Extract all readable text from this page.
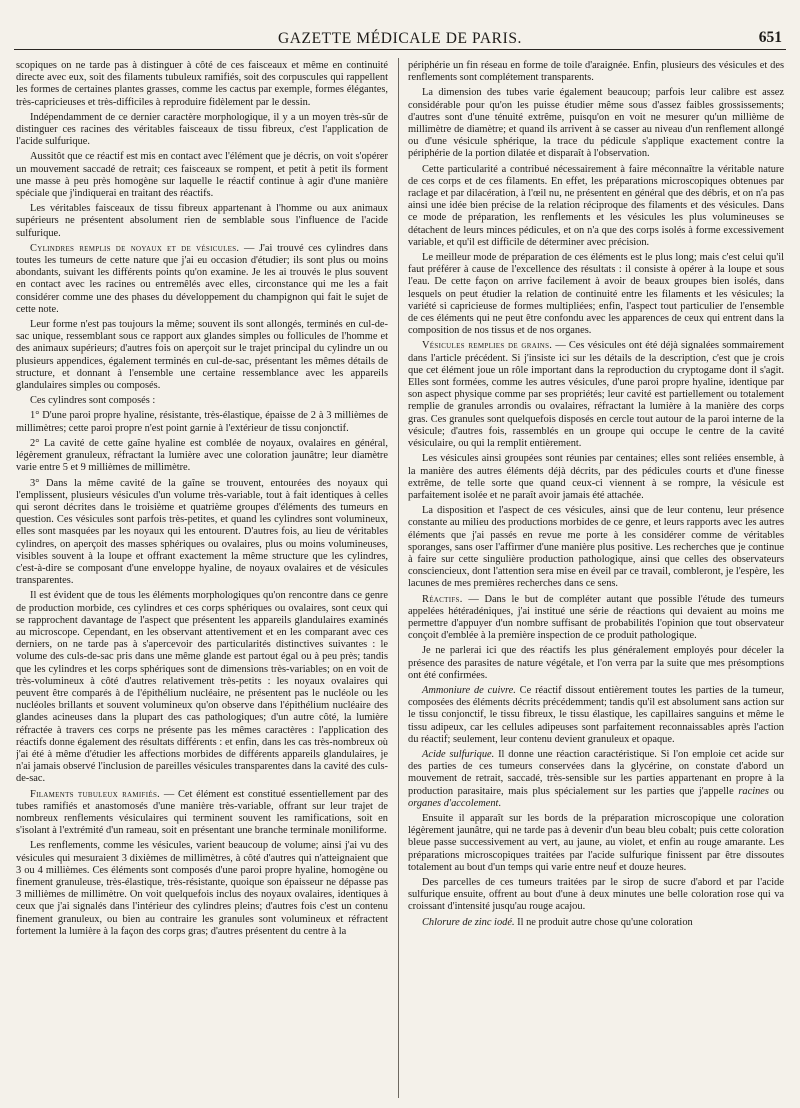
GAZETTE MÉDICALE DE PARIS.	651

scopiques on ne tarde pas à distinguer à côté de ces faisceaux et même en continuité directe avec eux, soit des filaments tubuleux ramifiés, soit des corpuscules qui rappellent les formes de certaines plantes grasses, comme les cactus par exemple, formes élégantes, très-capricieuses et très-difficiles à reproduire fidèlement par le dessin.

Indépendamment de ce dernier caractère morphologique, il y a un moyen très-sûr de distinguer ces racines des véritables faisceaux de tissu fibreux, c'est l'application de l'acide sulfurique.

Aussitôt que ce réactif est mis en contact avec l'élément que je décris, on voit s'opérer un mouvement saccadé de retrait; ces faisceaux se rompent, et petit à petit ils forment une masse à peu près homogène sur laquelle le réactif continue à agir d'une manière spéciale que j'indiquerai en traitant des réactifs.

Les véritables faisceaux de tissu fibreux appartenant à l'homme ou aux animaux supérieurs ne présentent absolument rien de semblable sous l'influence de l'acide sulfurique.

Cylindres remplis de noyaux et de vésicules. — J'ai trouvé ces cylindres dans toutes les tumeurs de cette nature que j'ai eu occasion d'étudier; ils sont plus ou moins abondants, suivant les différents points qu'on examine. Je les ai trouvés le plus souvent en contact avec les racines ou entremêlés avec elles, circonstance qui me les a fait considérer comme une des phases du développement du champignon qui fait le sujet de cette note.

Leur forme n'est pas toujours la même; souvent ils sont allongés, terminés en cul-de-sac unique, ressemblant sous ce rapport aux glandes simples ou follicules de l'homme et des animaux supérieurs; d'autres fois on aperçoit sur le trajet principal du cylindre un ou plusieurs appendices, également terminés en cul-de-sac, présentant les mêmes détails de structure, et donnant à l'ensemble une certaine ressemblance avec les appareils glandulaires simples ou composés.

Ces cylindres sont composés :

1° D'une paroi propre hyaline, résistante, très-élastique, épaisse de 2 à 3 millièmes de millimètres; cette paroi propre n'est point garnie à l'extérieur de tissu conjonctif.

2° La cavité de cette gaîne hyaline est comblée de noyaux, ovalaires en général, légèrement granuleux, réfractant la lumière avec une coloration jaunâtre; leur diamètre varie entre 5 et 9 millièmes de millimètre.

3° Dans la même cavité de la gaîne se trouvent, entourées des noyaux qui l'emplissent, plusieurs vésicules d'un volume très-variable, tout à fait identiques à celles qui seront décrites dans le troisième et quatrième groupes d'éléments des tumeurs en question. Ces vésicules sont parfois très-petites, et quand les cylindres sont volumineux, elles sont masquées par les noyaux qui les entourent. D'autres fois, au lieu de véritables cylindres, on aperçoit des masses sphériques ou ovalaires, plus ou moins volumineuses, visibles souvent à la loupe et offrant exactement la même structure que les cylindres, c'est-à-dire se composant d'une enveloppe hyaline, de noyaux ovalaires et de vésicules transparentes.

Il est évident que de tous les éléments morphologiques qu'on rencontre dans ce genre de production morbide, ces cylindres et ces corps sphériques ou ovalaires, sont ceux qui se rapprochent davantage de l'aspect que présentent les appareils glandulaires examinés au microscope. Cependant, en les observant attentivement et en les comparant avec ces derniers, on ne tarde pas à s'apercevoir des particularités distinctives suivantes : le volume des culs-de-sac pris dans une même glande est partout égal ou à peu près; tandis que les cylindres et les corps sphériques sont de dimensions très-variables; on en voit de très-volumineux à côté d'autres relativement très-petits : les noyaux ovalaires qui peuvent être comparés à de l'épithélium nucléaire, ne présentent pas le nucléole ou les nucléoles brillants et souvent volumineux qu'on observe dans l'épithélium nucléaire des glandes acineuses dans la plupart des cas pathologiques; d'un autre côté, la lumière réfractée à travers ces corps ne présente pas les mêmes caractères : l'application des réactifs donne également des résultats différents : et enfin, dans les cas très-nombreux où j'ai été à même d'étudier les affections morbides de différents appareils glandulaires, je n'ai jamais observé l'inclusion de pareilles vésicules transparentes dans la cavité des culs-de-sac.

Filaments tubuleux ramifiés. — Cet élément est constitué essentiellement par des tubes ramifiés et anastomosés d'une manière très-variable, offrant sur leur trajet de nombreux renflements vésiculaires qui terminent souvent les ramifications, soit en s'isolant à l'extrémité d'un rameau, soit en présentant une branche terminale moniliforme.

Les renflements, comme les vésicules, varient beaucoup de volume; ainsi j'ai vu des vésicules qui mesuraient 3 dixièmes de millimètres, à côté d'autres qui n'atteignaient que 3 ou 4 millièmes. Ces éléments sont composés d'une paroi propre hyaline, homogène ou finement granuleuse, très-élastique, très-résistante, quoique son épaisseur ne dépasse pas 3 millièmes de millimètre. On voit quelquefois inclus des noyaux ovalaires, identiques à ceux que j'ai signalés dans l'intérieur des cylindres pleins; d'autres fois c'est un contenu finement granuleux, ou bien au contraire les granules sont volumineux et réfractent fortement la lumière à la façon des corps gras; d'autres présentent du centre à la

périphérie un fin réseau en forme de toile d'araignée. Enfin, plusieurs des vésicules et des renflements sont complétement transparents.

La dimension des tubes varie également beaucoup; parfois leur calibre est assez considérable pour qu'on les puisse étudier même sous d'assez faibles grossissements; d'autres sont d'une ténuité extrême, puisqu'on en voit ne mesurer qu'un millième de millimètre de diamètre; et quand ils arrivent à se casser au niveau d'un renflement allongé ou d'une vésicule sphérique, la trace du pédicule s'applique exactement contre la périphérie de la portion dilatée et disparaît à l'observation.

Cette particularité a contribué nécessairement à faire méconnaître la véritable nature de ces corps et de ces filaments. En effet, les préparations microscopiques obtenues par raclage et par dilacération, à l'œil nu, ne présentent en général que des débris, et on n'a pas ainsi une idée bien précise de la relation réciproque des filaments et des vésicules. Dans ce mode de préparation, les renflements et les vésicules les plus volumineuses se détachent de leurs minces pédicules, et on n'a que des corps isolés à forme excessivement variable, et qu'il est difficile de déterminer avec précision.

Le meilleur mode de préparation de ces éléments est le plus long; mais c'est celui qu'il faut préférer à cause de l'excellence des résultats : il consiste à opérer à la loupe et sous l'eau. De cette façon on arrive facilement à avoir de beaux groupes bien isolés, dans lesquels on peut étudier la relation de continuité entre les filaments et les vésicules; la variété si capricieuse de formes multipliées; enfin, l'aspect tout particulier de l'ensemble de ces éléments qui ne peut être confondu avec les apparences de ceux qui entrent dans la composition de nos tissus et de nos organes.

Vésicules remplies de grains. — Ces vésicules ont été déjà signalées sommairement dans l'article précédent. Si j'insiste ici sur les détails de la description, c'est que je crois que cet élément joue un rôle important dans la reproduction du cryptogame dont il s'agit. Elles sont formées, comme les autres vésicules, d'une paroi propre hyaline, identique par son aspect physique comme par ses propriétés; leur cavité est partiellement ou totalement remplie de granules arrondis ou ovalaires, réfractant la lumière à la manière des corps gras. Ces granules sont quelquefois disposés en cercle tout autour de la paroi interne de la vésicule; d'autres fois, rassemblés en un groupe qui occupe le centre de la cavité vésiculaire, ou qui la remplit entièrement.

Les vésicules ainsi groupées sont réunies par centaines; elles sont reliées ensemble, à la manière des autres éléments déjà décrits, par des pédicules courts et d'une finesse extrême, de telle sorte que quand ceux-ci viennent à se rompre, la vésicule est parfaitement isolée et ne paraît avoir jamais été attachée.

La disposition et l'aspect de ces vésicules, ainsi que de leur contenu, leur présence constante au milieu des productions morbides de ce genre, et leurs rapports avec les autres éléments que j'ai passés en revue me porte à les considérer comme de véritables sporanges, sans oser l'affirmer d'une manière plus positive. Les recherches que je continue à faire sur cette singulière production pathologique, ainsi que celles des observateurs consciencieux, dont l'attention sera mise en éveil par ce travail, combleront, je l'espère, les lacunes de mes premières recherches dans ce sens.

Réactifs. — Dans le but de compléter autant que possible l'étude des tumeurs appelées hétéradéniques, j'ai institué une série de réactions qui devaient au moins me permettre d'appuyer d'un nombre suffisant de probabilités l'opinion que tout observateur conçoit d'emblée à la première inspection de ce produit pathologique.

Je ne parlerai ici que des réactifs les plus généralement employés pour déceler la présence des parasites de nature végétale, et l'on verra par la suite que mes présomptions ont été confirmées.

Ammoniure de cuivre. Ce réactif dissout entièrement toutes les parties de la tumeur, composées des éléments décrits précédemment; tandis qu'il est absolument sans action sur le tissu conjonctif, le tissu fibreux, le tissu élastique, les capillaires sanguins et même le tissu adipeux, car les cellules adipeuses sont parfaitement reconnaissables après l'action du réactif; seulement, leur contenu devient granuleux et opaque.

Acide sulfurique. Il donne une réaction caractéristique. Si l'on emploie cet acide sur des parties de ces tumeurs conservées dans la glycérine, on constate d'abord un mouvement de retrait, saccadé, très-sensible sur les parties appartenant en propre à la production parasitaire, mais plus spécialement sur les parties que j'appelle racines ou organes d'accolement.

Ensuite il apparaît sur les bords de la préparation microscopique une coloration légèrement jaunâtre, qui ne tarde pas à devenir d'un beau bleu cobalt; puis cette coloration bleue passe successivement au vert, au jaune, au violet, et enfin au rouge amarante. Les préparations microscopiques traitées par l'acide sulfurique finissent par être dissoutes totalement au bout d'un temps qui varie entre neuf et douze heures.

Des parcelles de ces tumeurs traitées par le sirop de sucre d'abord et par l'acide sulfurique ensuite, offrent au bout d'une à deux minutes une belle coloration rose qui va croissant d'intensité jusqu'au rouge acajou.

Chlorure de zinc iodé. Il ne produit autre chose qu'une coloration
